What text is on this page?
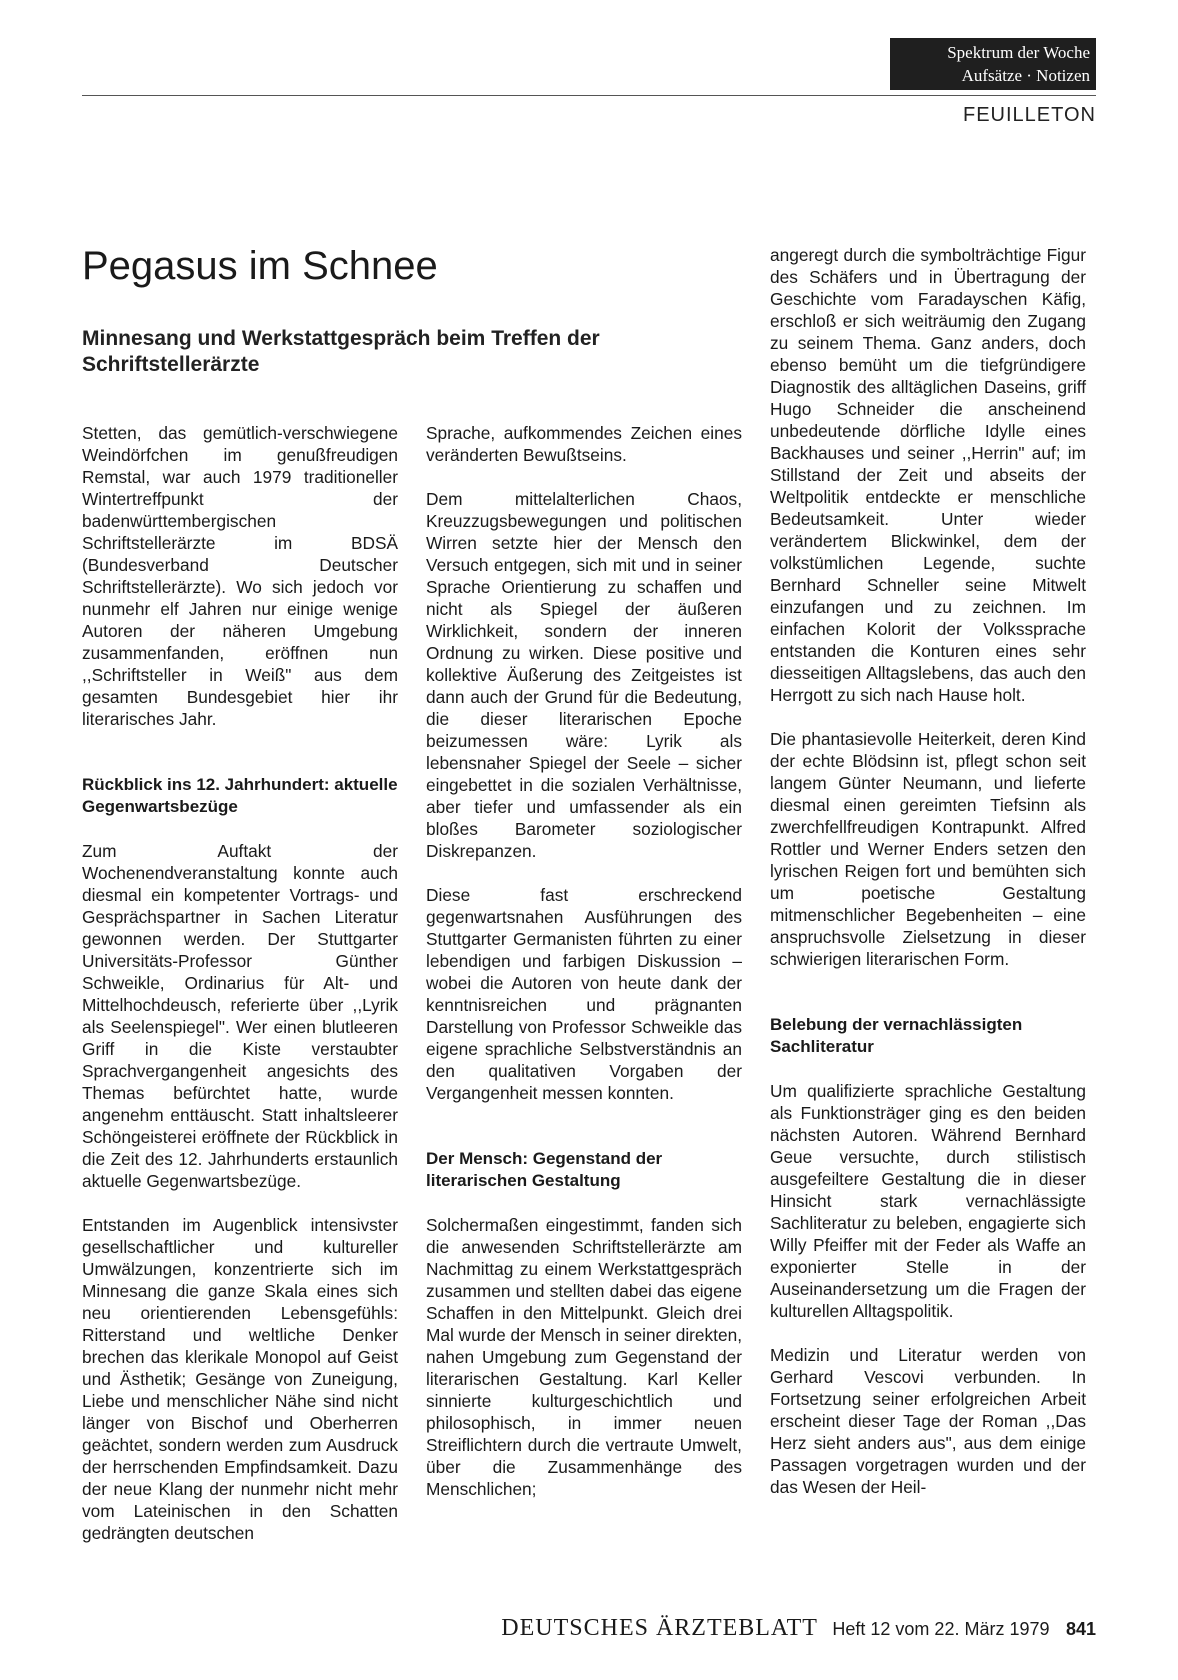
Spektrum der Woche
Aufsätze · Notizen
FEUILLETON
Pegasus im Schnee
Minnesang und Werkstattgespräch beim Treffen der Schriftstellerärzte

Stetten, das gemütlich-verschwiegene Weindörfchen im genußfreudigen Remstal, war auch 1979 traditioneller Wintertreffpunkt der badenwürttembergischen Schriftstellerärzte im BDSÄ (Bundesverband Deutscher Schriftstellerärzte). Wo sich jedoch vor nunmehr elf Jahren nur einige wenige Autoren der näheren Umgebung zusammenfanden, eröffnen nun ,,Schriftsteller in Weiß" aus dem gesamten Bundesgebiet hier ihr literarisches Jahr.

Rückblick ins 12. Jahrhundert: aktuelle Gegenwartsbezüge

Zum Auftakt der Wochenendveranstaltung konnte auch diesmal ein kompetenter Vortrags- und Gesprächspartner in Sachen Literatur gewonnen werden. Der Stuttgarter Universitäts-Professor Günther Schweikle, Ordinarius für Alt- und Mittelhochdeusch, referierte über ,,Lyrik als Seelenspiegel". Wer einen blutleeren Griff in die Kiste verstaubter Sprachvergangenheit angesichts des Themas befürchtet hatte, wurde angenehm enttäuscht. Statt inhaltsleerer Schöngeisterei eröffnete der Rückblick in die Zeit des 12. Jahrhunderts erstaunlich aktuelle Gegenwartsbezüge.

Entstanden im Augenblick intensivster gesellschaftlicher und kultureller Umwälzungen, konzentrierte sich im Minnesang die ganze Skala eines sich neu orientierenden Lebensgefühls: Ritterstand und weltliche Denker brechen das klerikale Monopol auf Geist und Ästhetik; Gesänge von Zuneigung, Liebe und menschlicher Nähe sind nicht länger von Bischof und Oberherren geächtet, sondern werden zum Ausdruck der herrschenden Empfindsamkeit. Dazu der neue Klang der nunmehr nicht mehr vom Lateinischen in den Schatten gedrängten deutschen

Sprache, aufkommendes Zeichen eines veränderten Bewußtseins.

Dem mittelalterlichen Chaos, Kreuzzugsbewegungen und politischen Wirren setzte hier der Mensch den Versuch entgegen, sich mit und in seiner Sprache Orientierung zu schaffen und nicht als Spiegel der äußeren Wirklichkeit, sondern der inneren Ordnung zu wirken. Diese positive und kollektive Äußerung des Zeitgeistes ist dann auch der Grund für die Bedeutung, die dieser literarischen Epoche beizumessen wäre: Lyrik als lebensnaher Spiegel der Seele – sicher eingebettet in die sozialen Verhältnisse, aber tiefer und umfassender als ein bloßes Barometer soziologischer Diskrepanzen.

Diese fast erschreckend gegenwartsnahen Ausführungen des Stuttgarter Germanisten führten zu einer lebendigen und farbigen Diskussion – wobei die Autoren von heute dank der kenntnisreichen und prägnanten Darstellung von Professor Schweikle das eigene sprachliche Selbstverständnis an den qualitativen Vorgaben der Vergangenheit messen konnten.

Der Mensch: Gegenstand der literarischen Gestaltung

Solchermaßen eingestimmt, fanden sich die anwesenden Schriftstellerärzte am Nachmittag zu einem Werkstattgespräch zusammen und stellten dabei das eigene Schaffen in den Mittelpunkt. Gleich drei Mal wurde der Mensch in seiner direkten, nahen Umgebung zum Gegenstand der literarischen Gestaltung. Karl Keller sinnierte kulturgeschichtlich und philosophisch, in immer neuen Streiflichtern durch die vertraute Umwelt, über die Zusammenhänge des Menschlichen;

angeregt durch die symbolträchtige Figur des Schäfers und in Übertragung der Geschichte vom Faradayschen Käfig, erschloß er sich weiträumig den Zugang zu seinem Thema. Ganz anders, doch ebenso bemüht um die tiefgründigere Diagnostik des alltäglichen Daseins, griff Hugo Schneider die anscheinend unbedeutende dörfliche Idylle eines Backhauses und seiner ,,Herrin" auf; im Stillstand der Zeit und abseits der Weltpolitik entdeckte er menschliche Bedeutsamkeit. Unter wieder verändertem Blickwinkel, dem der volkstümlichen Legende, suchte Bernhard Schneller seine Mitwelt einzufangen und zu zeichnen. Im einfachen Kolorit der Volkssprache entstanden die Konturen eines sehr diesseitigen Alltagslebens, das auch den Herrgott zu sich nach Hause holt.

Die phantasievolle Heiterkeit, deren Kind der echte Blödsinn ist, pflegt schon seit langem Günter Neumann, und lieferte diesmal einen gereimten Tiefsinn als zwerchfellfreudigen Kontrapunkt. Alfred Rottler und Werner Enders setzen den lyrischen Reigen fort und bemühten sich um poetische Gestaltung mitmenschlicher Begebenheiten – eine anspruchsvolle Zielsetzung in dieser schwierigen literarischen Form.

Belebung der vernachlässigten Sachliteratur

Um qualifizierte sprachliche Gestaltung als Funktionsträger ging es den beiden nächsten Autoren. Während Bernhard Geue versuchte, durch stilistisch ausgefeiltere Gestaltung die in dieser Hinsicht stark vernachlässigte Sachliteratur zu beleben, engagierte sich Willy Pfeiffer mit der Feder als Waffe an exponierter Stelle in der Auseinandersetzung um die Fragen der kulturellen Alltagspolitik.

Medizin und Literatur werden von Gerhard Vescovi verbunden. In Fortsetzung seiner erfolgreichen Arbeit erscheint dieser Tage der Roman ,,Das Herz sieht anders aus", aus dem einige Passagen vorgetragen wurden und der das Wesen der Heil-

DEUTSCHES ÄRZTEBLATT Heft 12 vom 22. März 1979 841
